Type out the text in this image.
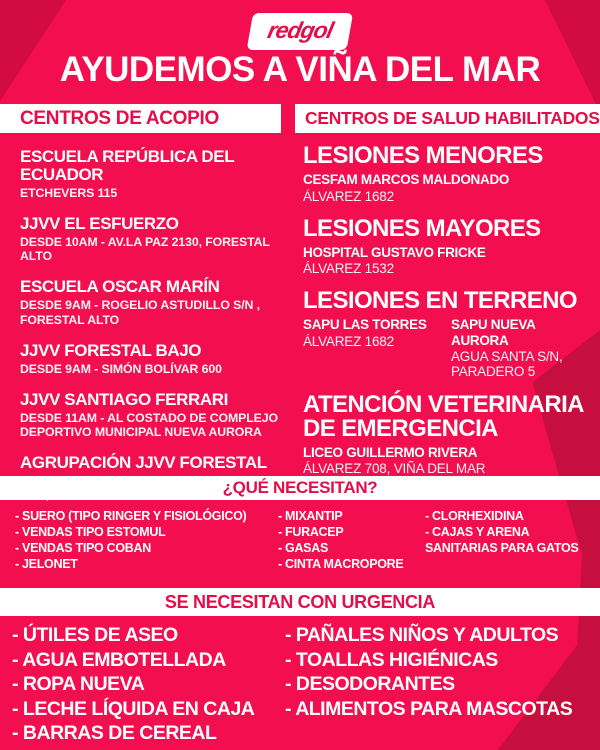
redgol
AYUDEMOS A VIÑA DEL MAR
CENTROS DE ACOPIO	CENTROS DE SALUD HABILITADOS
ESCUELA REPÚBLICA DEL ECUADOR

ETCHEVERS 115

JJVV EL ESFUERZO

DESDE 10AM - AV.LA PAZ 2130, FORESTAL ALTO

ESCUELA OSCAR MARÍN

DESDE 9AM - ROGELIO ASTUDILLO S/N , FORESTAL ALTO

JJVV FORESTAL BAJO

DESDE 9AM - SIMÓN BOLÍVAR 600

JJVV SANTIAGO FERRARI

DESDE 11AM - AL COSTADO DE COMPLEJO DEPORTIVO MUNICIPAL NUEVA AURORA

AGRUPACIÓN JJVV FORESTAL

LESIONES MENORES
CESFAM MARCOS MALDONADO
ÁLVAREZ 1682
LESIONES MAYORES
HOSPITAL GUSTAVO FRICKE
ÁLVAREZ 1532
LESIONES EN TERRENO
SAPU LAS TORRES
ÁLVAREZ 1682
SAPU NUEVA AURORA
AGUA SANTA S/N, PARADERO 5
ATENCIÓN VETERINARIA DE EMERGENCIA
LICEO GUILLERMO RIVERA
ÁLVAREZ 708, VIÑA DEL MAR
¿QUÉ NECESITAN?
- SUERO (TIPO RINGER Y FISIOLÓGICO)
- VENDAS TIPO ESTOMUL
- VENDAS TIPO COBAN
- JELONET
- MIXANTIP
- FURACEP
- GASAS
- CINTA MACROPORE
- CLORHEXIDINA
- CAJAS Y ARENA SANITARIAS PARA GATOS
SE NECESITAN CON URGENCIA
- ÚTILES DE ASEO
- AGUA EMBOTELLADA
- ROPA NUEVA
- LECHE LÍQUIDA EN CAJA
- BARRAS DE CEREAL
- PAÑALES NIÑOS Y ADULTOS
- TOALLAS HIGIÉNICAS
- DESODORANTES
- ALIMENTOS PARA MASCOTAS
